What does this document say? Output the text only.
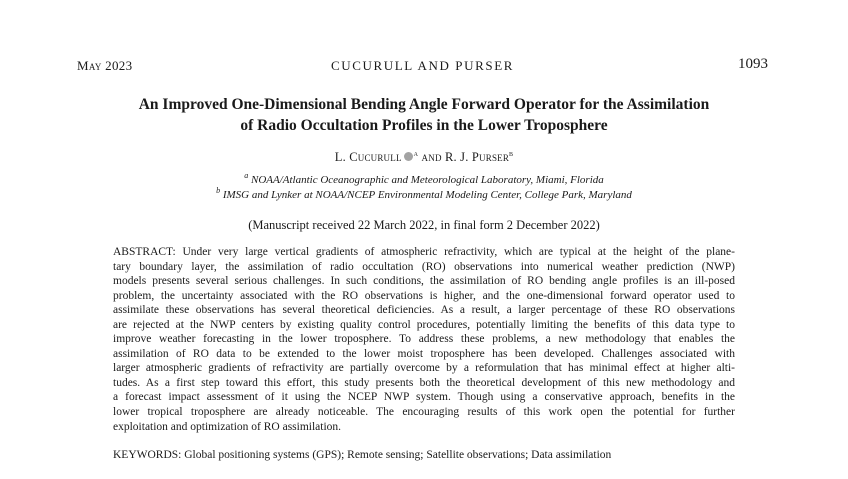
May 2023	CUCURULL AND PURSER	1093
An Improved One-Dimensional Bending Angle Forward Operator for the Assimilation
of Radio Occultation Profiles in the Lower Troposphere
L. Cucurull $^a$ and R. J. Purser$^b$
$^a$ NOAA/Atlantic Oceanographic and Meteorological Laboratory, Miami, Florida
$^b$ IMSG and Lynker at NOAA/NCEP Environmental Modeling Center, College Park, Maryland
(Manuscript received 22 March 2022, in final form 2 December 2022)
ABSTRACT: Under very large vertical gradients of atmospheric refractivity, which are typical at the height of the plane-
tary boundary layer, the assimilation of radio occultation (RO) observations into numerical weather prediction (NWP)
models presents several serious challenges. In such conditions, the assimilation of RO bending angle profiles is an ill-posed
problem, the uncertainty associated with the RO observations is higher, and the one-dimensional forward operator used to
assimilate these observations has several theoretical deficiencies. As a result, a larger percentage of these RO observations
are rejected at the NWP centers by existing quality control procedures, potentially limiting the benefits of this data type to
improve weather forecasting in the lower troposphere. To address these problems, a new methodology that enables the
assimilation of RO data to be extended to the lower moist troposphere has been developed. Challenges associated with
larger atmospheric gradients of refractivity are partially overcome by a reformulation that has minimal effect at higher alti-
tudes. As a first step toward this effort, this study presents both the theoretical development of this new methodology and
a forecast impact assessment of it using the NCEP NWP system. Though using a conservative approach, benefits in the
lower tropical troposphere are already noticeable. The encouraging results of this work open the potential for further
exploitation and optimization of RO assimilation.
KEYWORDS: Global positioning systems (GPS); Remote sensing; Satellite observations; Data assimilation
